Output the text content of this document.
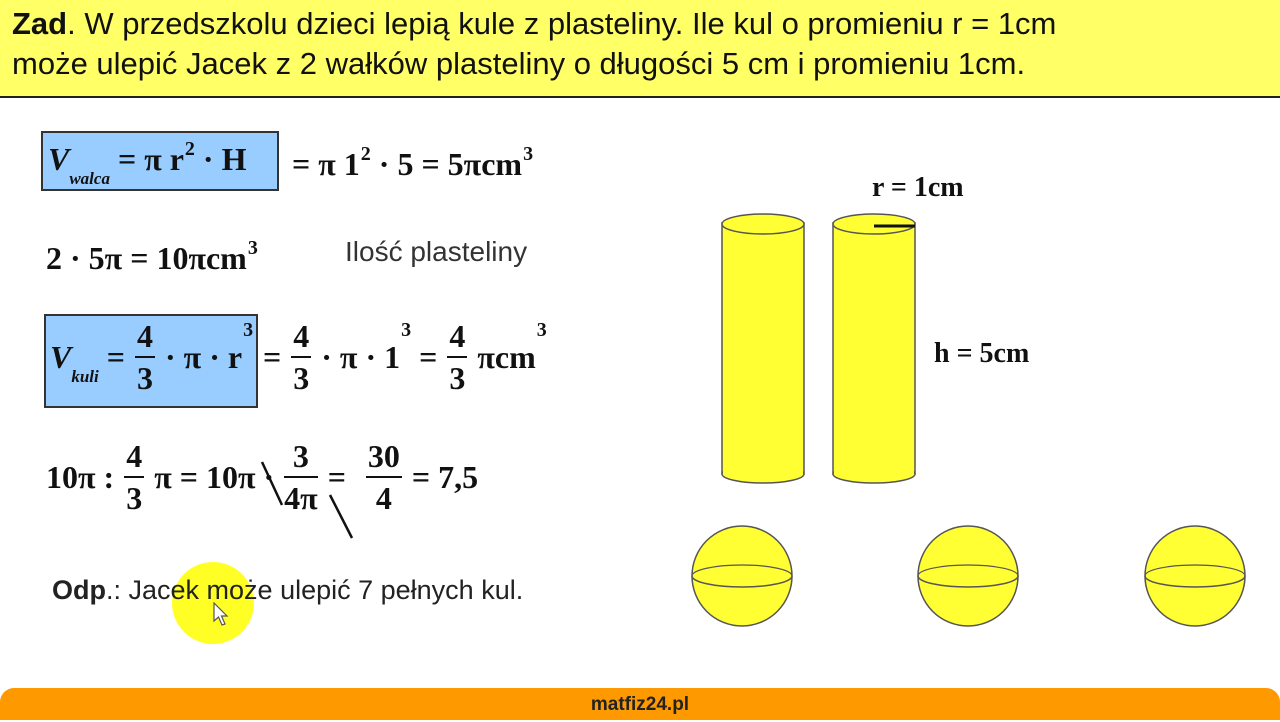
Zad. W przedszkolu dzieci lepią kule z plasteliny. Ile kul o promieniu r = 1cm
może ulepić Jacek z 2 wałków plasteliny o długości 5 cm i promieniu 1cm.
$V_{walca} = \pi$ $r^2 \cdot H = \pi$ $1^2 \cdot 5 = 5\pi cm^3$
2 · 5π = 10πcm$^3$	Ilość plasteliny
$V_{kuli} = \frac{4}{3} \cdot \pi \cdot r^3$
= $\frac{4}{3} \cdot \pi \cdot 1^3 = \frac{4}{3} \pi cm^3$
10π : $\frac{4}{3}$ $\pi = 10\pi \cdot \frac{3}{4\pi} = \frac{30}{4} = 7,5$
Odp.: Jacek może ulepić 7 pełnych kul.
r = 1cm
h = 5cm
matfiz24.pl
